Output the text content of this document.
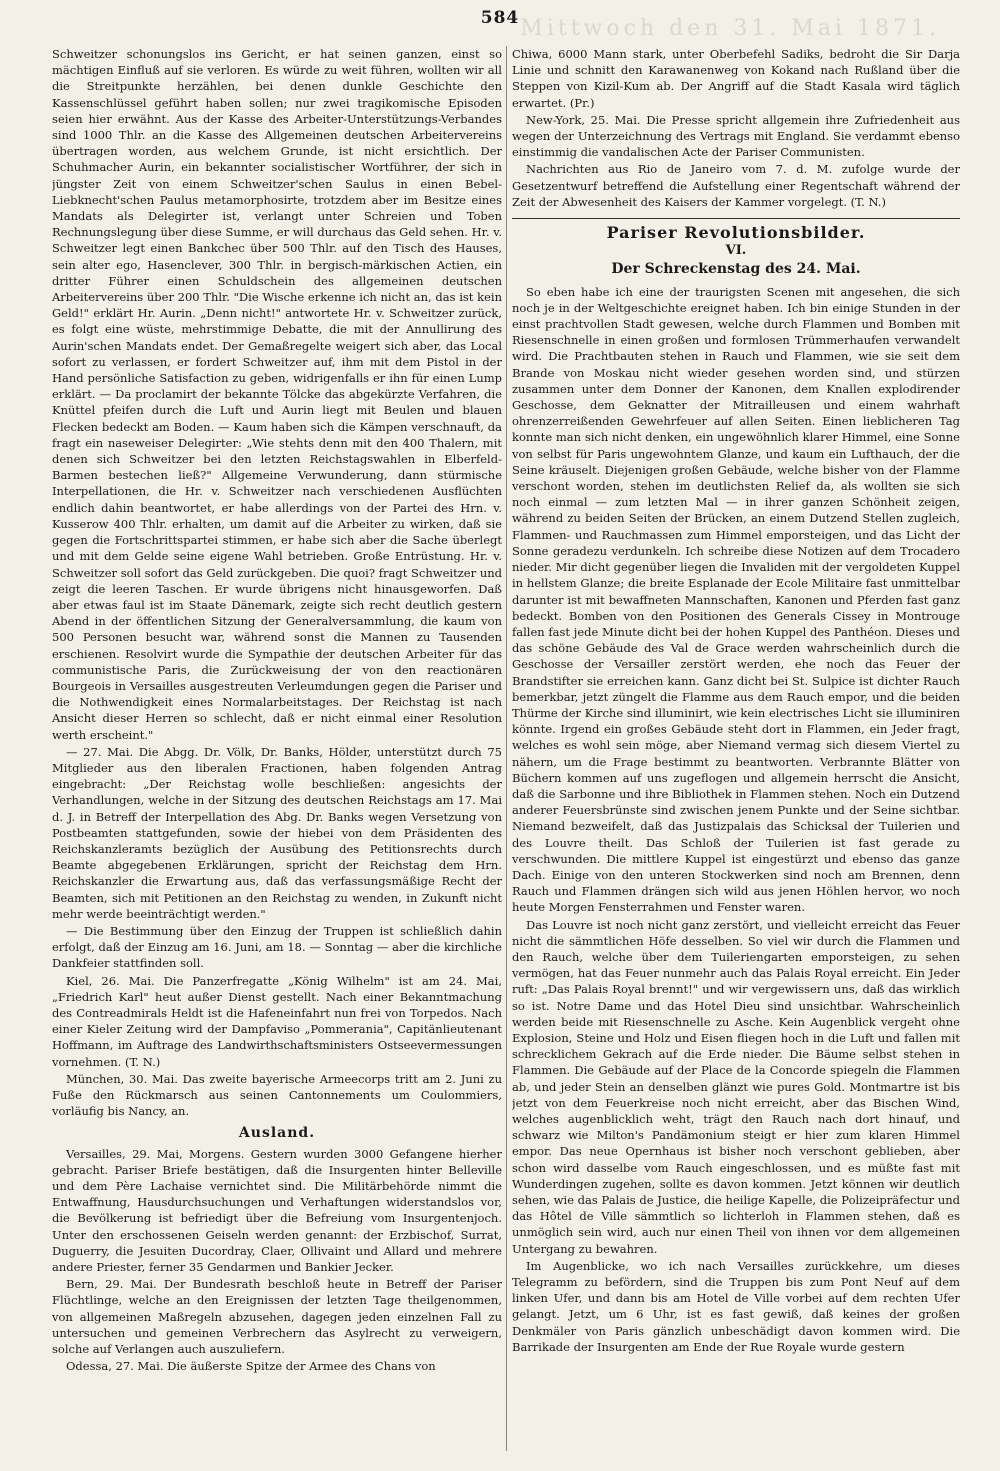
584 Mittwoch den 31. Mai 1871.

Schweitzer schonungslos ins Gericht, er hat seinen ganzen, einst so mächtigen Einfluß auf sie verloren. Es würde zu weit führen, wollten wir all die Streitpunkte herzählen, bei denen dunkle Geschichte den Kassenschlüssel geführt haben sollen; nur zwei tragikomische Episoden seien hier erwähnt. Aus der Kasse des Arbeiter-Unterstützungs-Verbandes sind 1000 Thlr. an die Kasse des Allgemeinen deutschen Arbeitervereins übertragen worden, aus welchem Grunde, ist nicht ersichtlich. Der Schuhmacher Aurin, ein bekannter socialistischer Wortführer, der sich in jüngster Zeit von einem Schweitzer'schen Saulus in einen Bebel-Liebknecht'schen Paulus metamorphosirte, trotzdem aber im Besitze eines Mandats als Delegirter ist, verlangt unter Schreien und Toben Rechnungslegung über diese Summe, er will durchaus das Geld sehen. Hr. v. Schweitzer legt einen Bankchec über 500 Thlr. auf den Tisch des Hauses, sein alter ego, Hasenclever, 300 Thlr. in bergisch-märkischen Actien, ein dritter Führer einen Schuldschein des allgemeinen deutschen Arbeitervereins über 200 Thlr. "Die Wische erkenne ich nicht an, das ist kein Geld!" erklärt Hr. Aurin. „Denn nicht!" antwortete Hr. v. Schweitzer zurück, es folgt eine wüste, mehrstimmige Debatte, die mit der Annullirung des Aurin'schen Mandats endet. Der Gemaßregelte weigert sich aber, das Local sofort zu verlassen, er fordert Schweitzer auf, ihm mit dem Pistol in der Hand persönliche Satisfaction zu geben, widrigenfalls er ihn für einen Lump erklärt. — Da proclamirt der bekannte Tölcke das abgekürzte Verfahren, die Knüttel pfeifen durch die Luft und Aurin liegt mit Beulen und blauen Flecken bedeckt am Boden. — Kaum haben sich die Kämpen verschnauft, da fragt ein naseweiser Delegirter: „Wie stehts denn mit den 400 Thalern, mit denen sich Schweitzer bei den letzten Reichstagswahlen in Elberfeld-Barmen bestechen ließ?" Allgemeine Verwunderung, dann stürmische Interpellationen, die Hr. v. Schweitzer nach verschiedenen Ausflüchten endlich dahin beantwortet, er habe allerdings von der Partei des Hrn. v. Kusserow 400 Thlr. erhalten, um damit auf die Arbeiter zu wirken, daß sie gegen die Fortschrittspartei stimmen, er habe sich aber die Sache überlegt und mit dem Gelde seine eigene Wahl betrieben. Große Entrüstung. Hr. v. Schweitzer soll sofort das Geld zurückgeben. Die quoi? fragt Schweitzer und zeigt die leeren Taschen. Er wurde übrigens nicht hinausgeworfen. Daß aber etwas faul ist im Staate Dänemark, zeigte sich recht deutlich gestern Abend in der öffentlichen Sitzung der Generalversammlung, die kaum von 500 Personen besucht war, während sonst die Mannen zu Tausenden erschienen. Resolvirt wurde die Sympathie der deutschen Arbeiter für das communistische Paris, die Zurückweisung der von den reactionären Bourgeois in Versailles ausgestreuten Verleumdungen gegen die Pariser und die Nothwendigkeit eines Normalarbeitstages. Der Reichstag ist nach Ansicht dieser Herren so schlecht, daß er nicht einmal einer Resolution werth erscheint."

— 27. Mai. Die Abgg. Dr. Völk, Dr. Banks, Hölder, unterstützt durch 75 Mitglieder aus den liberalen Fractionen, haben folgenden Antrag eingebracht: „Der Reichstag wolle beschließen: angesichts der Verhandlungen, welche in der Sitzung des deutschen Reichstags am 17. Mai d. J. in Betreff der Interpellation des Abg. Dr. Banks wegen Versetzung von Postbeamten stattgefunden, sowie der hiebei von dem Präsidenten des Reichskanzleramts bezüglich der Ausübung des Petitionsrechts durch Beamte abgegebenen Erklärungen, spricht der Reichstag dem Hrn. Reichskanzler die Erwartung aus, daß das verfassungsmäßige Recht der Beamten, sich mit Petitionen an den Reichstag zu wenden, in Zukunft nicht mehr werde beeinträchtigt werden."

— Die Bestimmung über den Einzug der Truppen ist schließlich dahin erfolgt, daß der Einzug am 16. Juni, am 18. — Sonntag — aber die kirchliche Dankfeier stattfinden soll.

Kiel, 26. Mai. Die Panzerfregatte „König Wilhelm" ist am 24. Mai, „Friedrich Karl" heut außer Dienst gestellt. Nach einer Bekanntmachung des Contreadmirals Heldt ist die Hafeneinfahrt nun frei von Torpedos. Nach einer Kieler Zeitung wird der Dampfaviso „Pommerania", Capitänlieutenant Hoffmann, im Auftrage des Landwirthschaftsministers Ostseevermessungen vornehmen. (T. N.)

München, 30. Mai. Das zweite bayerische Armeecorps tritt am 2. Juni zu Fuße den Rückmarsch aus seinen Cantonnements um Coulommiers, vorläufig bis Nancy, an.

Ausland.

Versailles, 29. Mai, Morgens. Gestern wurden 3000 Gefangene hierher gebracht. Pariser Briefe bestätigen, daß die Insurgenten hinter Belleville und dem Père Lachaise vernichtet sind. Die Militärbehörde nimmt die Entwaffnung, Hausdurchsuchungen und Verhaftungen widerstandslos vor, die Bevölkerung ist befriedigt über die Befreiung vom Insurgentenjoch. Unter den erschossenen Geiseln werden genannt: der Erzbischof, Surrat, Duguerry, die Jesuiten Ducordray, Claer, Ollivaint und Allard und mehrere andere Priester, ferner 35 Gendarmen und Bankier Jecker.

Bern, 29. Mai. Der Bundesrath beschloß heute in Betreff der Pariser Flüchtlinge, welche an den Ereignissen der letzten Tage theilgenommen, von allgemeinen Maßregeln abzusehen, dagegen jeden einzelnen Fall zu untersuchen und gemeinen Verbrechern das Asylrecht zu verweigern, solche auf Verlangen auch auszuliefern.

Odessa, 27. Mai. Die äußerste Spitze der Armee des Chans von

Chiwa, 6000 Mann stark, unter Oberbefehl Sadiks, bedroht die Sir Darja Linie und schnitt den Karawanenweg von Kokand nach Rußland über die Steppen von Kizil-Kum ab. Der Angriff auf die Stadt Kasala wird täglich erwartet. (Pr.)

New-York, 25. Mai. Die Presse spricht allgemein ihre Zufriedenheit aus wegen der Unterzeichnung des Vertrags mit England. Sie verdammt ebenso einstimmig die vandalischen Acte der Pariser Communisten.

Nachrichten aus Rio de Janeiro vom 7. d. M. zufolge wurde der Gesetzentwurf betreffend die Aufstellung einer Regentschaft während der Zeit der Abwesenheit des Kaisers der Kammer vorgelegt. (T. N.)

Pariser Revolutionsbilder.
VI.
Der Schreckenstag des 24. Mai.

So eben habe ich eine der traurigsten Scenen mit angesehen, die sich noch je in der Weltgeschichte ereignet haben. Ich bin einige Stunden in der einst prachtvollen Stadt gewesen, welche durch Flammen und Bomben mit Riesenschnelle in einen großen und formlosen Trümmerhaufen verwandelt wird. Die Prachtbauten stehen in Rauch und Flammen, wie sie seit dem Brande von Moskau nicht wieder gesehen worden sind, und stürzen zusammen unter dem Donner der Kanonen, dem Knallen explodirender Geschosse, dem Geknatter der Mitrailleusen und einem wahrhaft ohrenzerreißenden Gewehrfeuer auf allen Seiten. Einen lieblicheren Tag konnte man sich nicht denken, ein ungewöhnlich klarer Himmel, eine Sonne von selbst für Paris ungewohntem Glanze, und kaum ein Lufthauch, der die Seine kräuselt. Diejenigen großen Gebäude, welche bisher von der Flamme verschont worden, stehen im deutlichsten Relief da, als wollten sie sich noch einmal — zum letzten Mal — in ihrer ganzen Schönheit zeigen, während zu beiden Seiten der Brücken, an einem Dutzend Stellen zugleich, Flammen- und Rauchmassen zum Himmel emporsteigen, und das Licht der Sonne geradezu verdunkeln. Ich schreibe diese Notizen auf dem Trocadero nieder. Mir dicht gegenüber liegen die Invaliden mit der vergoldeten Kuppel in hellstem Glanze; die breite Esplanade der Ecole Militaire fast unmittelbar darunter ist mit bewaffneten Mannschaften, Kanonen und Pferden fast ganz bedeckt. Bomben von den Positionen des Generals Cissey in Montrouge fallen fast jede Minute dicht bei der hohen Kuppel des Panthéon. Dieses und das schöne Gebäude des Val de Grace werden wahrscheinlich durch die Geschosse der Versailler zerstört werden, ehe noch das Feuer der Brandstifter sie erreichen kann. Ganz dicht bei St. Sulpice ist dichter Rauch bemerkbar, jetzt züngelt die Flamme aus dem Rauch empor, und die beiden Thürme der Kirche sind illuminirt, wie kein electrisches Licht sie illuminiren könnte. Irgend ein großes Gebäude steht dort in Flammen, ein Jeder fragt, welches es wohl sein möge, aber Niemand vermag sich diesem Viertel zu nähern, um die Frage bestimmt zu beantworten. Verbrannte Blätter von Büchern kommen auf uns zugeflogen und allgemein herrscht die Ansicht, daß die Sarbonne und ihre Bibliothek in Flammen stehen. Noch ein Dutzend anderer Feuersbrünste sind zwischen jenem Punkte und der Seine sichtbar. Niemand bezweifelt, daß das Justizpalais das Schicksal der Tuilerien und des Louvre theilt. Das Schloß der Tuilerien ist fast gerade zu verschwunden. Die mittlere Kuppel ist eingestürzt und ebenso das ganze Dach. Einige von den unteren Stockwerken sind noch am Brennen, denn Rauch und Flammen drängen sich wild aus jenen Höhlen hervor, wo noch heute Morgen Fensterrahmen und Fenster waren.

Das Louvre ist noch nicht ganz zerstört, und vielleicht erreicht das Feuer nicht die sämmtlichen Höfe desselben. So viel wir durch die Flammen und den Rauch, welche über dem Tuileriengarten emporsteigen, zu sehen vermögen, hat das Feuer nunmehr auch das Palais Royal erreicht. Ein Jeder ruft: „Das Palais Royal brennt!" und wir vergewissern uns, daß das wirklich so ist. Notre Dame und das Hotel Dieu sind unsichtbar. Wahrscheinlich werden beide mit Riesenschnelle zu Asche. Kein Augenblick vergeht ohne Explosion, Steine und Holz und Eisen fliegen hoch in die Luft und fallen mit schrecklichem Gekrach auf die Erde nieder. Die Bäume selbst stehen in Flammen. Die Gebäude auf der Place de la Concorde spiegeln die Flammen ab, und jeder Stein an denselben glänzt wie pures Gold. Montmartre ist bis jetzt von dem Feuerkreise noch nicht erreicht, aber das Bischen Wind, welches augenblicklich weht, trägt den Rauch nach dort hinauf, und schwarz wie Milton's Pandämonium steigt er hier zum klaren Himmel empor. Das neue Opernhaus ist bisher noch verschont geblieben, aber schon wird dasselbe vom Rauch eingeschlossen, und es müßte fast mit Wunderdingen zugehen, sollte es davon kommen. Jetzt können wir deutlich sehen, wie das Palais de Justice, die heilige Kapelle, die Polizeipräfectur und das Hôtel de Ville sämmtlich so lichterloh in Flammen stehen, daß es unmöglich sein wird, auch nur einen Theil von ihnen vor dem allgemeinen Untergang zu bewahren.

Im Augenblicke, wo ich nach Versailles zurückkehre, um dieses Telegramm zu befördern, sind die Truppen bis zum Pont Neuf auf dem linken Ufer, und dann bis am Hotel de Ville vorbei auf dem rechten Ufer gelangt. Jetzt, um 6 Uhr, ist es fast gewiß, daß keines der großen Denkmäler von Paris gänzlich unbeschädigt davon kommen wird. Die Barrikade der Insurgenten am Ende der Rue Royale wurde gestern
